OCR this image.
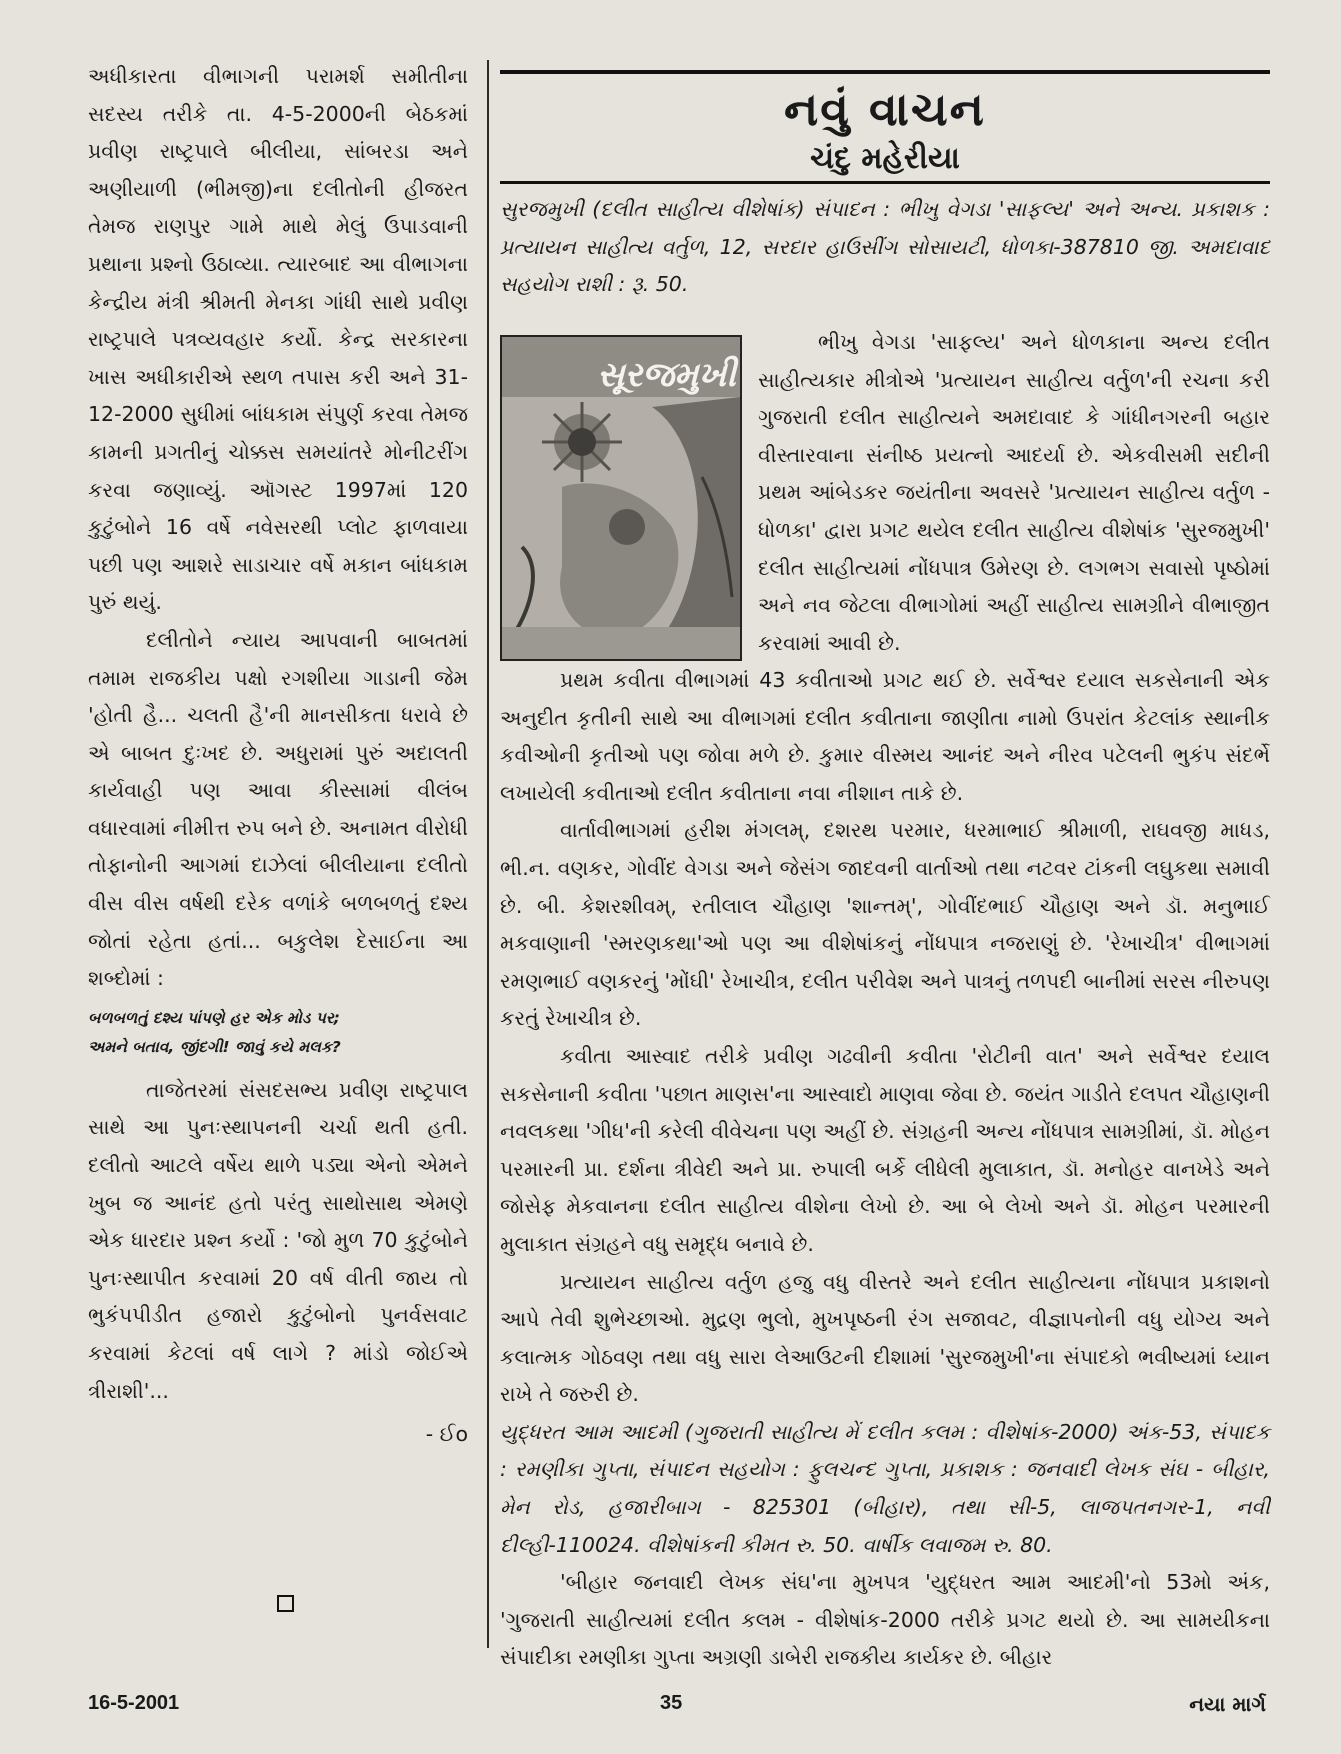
અધીકારતા વીભાગની પરામર્શ સમીતીના સદસ્ય તરીકે તા. 4-5-2000ની બેઠકમાં પ્રવીણ રાષ્ટ્રપાલે બીલીયા, સાંબરડા અને અણીયાળી (ભીમજી)ના દલીતોની હીજરત તેમજ રાણપુર ગામે માથે મેલું ઉપાડવાની પ્રથાના પ્રશ્નો ઉઠાવ્યા. ત્યારબાદ આ વીભાગના કેન્દ્રીય મંત્રી શ્રીમતી મેનકા ગાંધી સાથે પ્રવીણ રાષ્ટ્રપાલે પત્રવ્યવહાર કર્યો. કેન્દ્ર સરકારના ખાસ અધીકારીએ સ્થળ તપાસ કરી અને 31-12-2000 સુધીમાં બાંધકામ સંપુર્ણ કરવા તેમજ કામની પ્રગતીનું ચોક્કસ સમયાંતરે મોનીટરીંગ કરવા જણાવ્યું. ઑગસ્ટ 1997માં 120 કુટુંબોને 16 વર્ષે નવેસરથી પ્લોટ ફાળવાયા પછી પણ આશરે સાડાચાર વર્ષે મકાન બાંધકામ પુરું થયું.

દલીતોને ન્યાય આપવાની બાબતમાં તમામ રાજકીય પક્ષો રગશીયા ગાડાની જેમ 'હોતી હૈ... ચલતી હૈ'ની માનસીકતા ધરાવે છે એ બાબત દુઃખદ છે. અધુરામાં પુરું અદાલતી કાર્યવાહી પણ આવા કીસ્સામાં વીલંબ વધારવામાં નીમીત્ત રુપ બને છે. અનામત વીરોધી તોફાનોની આગમાં દાઝેલાં બીલીયાના દલીતો વીસ વીસ વર્ષથી દરેક વળાંકે બળબળતું દશ્ય જોતાં રહેતા હતાં... બકુલેશ દેસાઈના આ શબ્દોમાં :

બળબળતું દશ્ય પાંપણે હર એક મોડ પર;
અમને બતાવ, જીંદગી! જાવું કયે મલક?

તાજેતરમાં સંસદસભ્ય પ્રવીણ રાષ્ટ્રપાલ સાથે આ પુનઃસ્થાપનની ચર્ચા થતી હતી. દલીતો આટલે વર્ષેય થાળે પડ્યા એનો એમને ખુબ જ આનંદ હતો પરંતુ સાથોસાથ એમણે એક ધારદાર પ્રશ્ન કર્યો : 'જો મુળ 70 કુટુંબોને પુનઃસ્થાપીત કરવામાં 20 વર્ષ વીતી જાય તો ભુકંપપીડીત હજારો કુટુંબોનો પુનર્વસવાટ કરવામાં કેટલાં વર્ષ લાગે ? માંડો જોઈએ ત્રીરાશી'...

- ઈo

નવું વાચન
ચંદુ મહેરીયા

સુરજમુખી (દલીત સાહીત્ય વીશેષાંક) સંપાદન : ભીખુ વેગડા 'સાફલ્ય' અને અન્ય. પ્રકાશક : પ્રત્યાયન સાહીત્ય વર્તુળ, 12, સરદાર હાઉસીંગ સોસાયટી, ધોળકા-387810 જી. અમદાવાદ સહયોગ રાશી : રૂ. 50.

સૂરજમુખી

ભીખુ વેગડા 'સાફલ્ય' અને ધોળકાના અન્ય દલીત સાહીત્યકાર મીત્રોએ 'પ્રત્યાયન સાહીત્ય વર્તુળ'ની રચના કરી ગુજરાતી દલીત સાહીત્યને અમદાવાદ કે ગાંધીનગરની બહાર વીસ્તારવાના સંનીષ્ઠ પ્રયત્નો આદર્યા છે. એકવીસમી સદીની પ્રથમ આંબેડકર જયંતીના અવસરે 'પ્રત્યાયન સાહીત્ય વર્તુળ - ધોળકા' દ્વારા પ્રગટ થયેલ દલીત સાહીત્ય વીશેષાંક 'સુરજમુખી' દલીત સાહીત્યમાં નોંધપાત્ર ઉમેરણ છે. લગભગ સવાસો પૃષ્ઠોમાં અને નવ જેટલા વીભાગોમાં અહીં સાહીત્ય સામગ્રીને વીભાજીત કરવામાં આવી છે.

પ્રથમ કવીતા વીભાગમાં 43 કવીતાઓ પ્રગટ થઈ છે. સર્વેશ્વર દયાલ સકસેનાની એક અનુદીત કૃતીની સાથે આ વીભાગમાં દલીત કવીતાના જાણીતા નામો ઉપરાંત કેટલાંક સ્થાનીક કવીઓની કૃતીઓ પણ જોવા મળે છે. કુમાર વીસ્મય આનંદ અને નીરવ પટેલની ભુકંપ સંદર્ભે લખાયેલી કવીતાઓ દલીત કવીતાના નવા નીશાન તાકે છે.

વાર્તાવીભાગમાં હરીશ મંગલમ્, દશરથ પરમાર, ધરમાભાઈ શ્રીમાળી, રાઘવજી માધડ, ભી.ન. વણકર, ગોવીંદ વેગડા અને જેસંગ જાદવની વાર્તાઓ તથા નટવર ટાંકની લઘુકથા સમાવી છે. બી. કેશરશીવમ્, રતીલાલ ચૌહાણ 'શાન્તમ્', ગોવીંદભાઈ ચૌહાણ અને ડૉ. મનુભાઈ મકવાણાની 'સ્મરણકથા'ઓ પણ આ વીશેષાંકનું નોંધપાત્ર નજરાણું છે. 'રેખાચીત્ર' વીભાગમાં રમણભાઈ વણકરનું 'મોંઘી' રેખાચીત્ર, દલીત પરીવેશ અને પાત્રનું તળપદી બાનીમાં સરસ નીરુપણ કરતું રેખાચીત્ર છે.

કવીતા આસ્વાદ તરીકે પ્રવીણ ગઢવીની કવીતા 'રોટીની વાત' અને સર્વેશ્વર દયાલ સકસેનાની કવીતા 'પછાત માણસ'ના આસ્વાદો માણવા જેવા છે. જયંત ગાડીતે દલપત ચૌહાણની નવલકથા 'ગીધ'ની કરેલી વીવેચના પણ અહીં છે. સંગ્રહની અન્ય નોંધપાત્ર સામગ્રીમાં, ડૉ. મોહન પરમારની પ્રા. દર્શના ત્રીવેદી અને પ્રા. રુપાલી બર્કે લીધેલી મુલાકાત, ડૉ. મનોહર વાનખેડે અને જોસેફ મેકવાનના દલીત સાહીત્ય વીશેના લેખો છે. આ બે લેખો અને ડૉ. મોહન પરમારની મુલાકાત સંગ્રહને વધુ સમૃદ્ધ બનાવે છે.

પ્રત્યાયન સાહીત્ય વર્તુળ હજુ વધુ વીસ્તરે અને દલીત સાહીત્યના નોંધપાત્ર પ્રકાશનો આપે તેવી શુભેચ્છાઓ. મુદ્રણ ભુલો, મુખપૃષ્ઠની રંગ સજાવટ, વીજ્ઞાપનોની વધુ યોગ્ય અને કલાત્મક ગોઠવણ તથા વધુ સારા લેઆઉટની દીશામાં 'સુરજમુખી'ના સંપાદકો ભવીષ્યમાં ધ્યાન રાખે તે જરુરી છે.

યુદ્ધરત આમ આદમી (ગુજરાતી સાહીત્ય મેં દલીત કલમ : વીશેષાંક-2000) અંક-53, સંપાદક : રમણીકા ગુપ્તા, સંપાદન સહયોગ : ફુલચન્દ ગુપ્તા, પ્રકાશક : જનવાદી લેખક સંઘ - બીહાર, મેન રોડ, હજારીબાગ - 825301 (બીહાર), તથા સી-5, લાજપતનગર-1, નવી દીલ્હી-110024. વીશેષાંકની કીમત રુ. 50. વાર્ષીક લવાજમ રુ. 80.

'બીહાર જનવાદી લેખક સંઘ'ના મુખપત્ર 'યુદ્ધરત આમ આદમી'નો 53મો અંક, 'ગુજરાતી સાહીત્યમાં દલીત કલમ - વીશેષાંક-2000 તરીકે પ્રગટ થયો છે. આ સામયીકના સંપાદીકા રમણીકા ગુપ્તા અગ્રણી ડાબેરી રાજકીય કાર્યકર છે. બીહાર

16-5-2001	35	નયા માર્ગ
